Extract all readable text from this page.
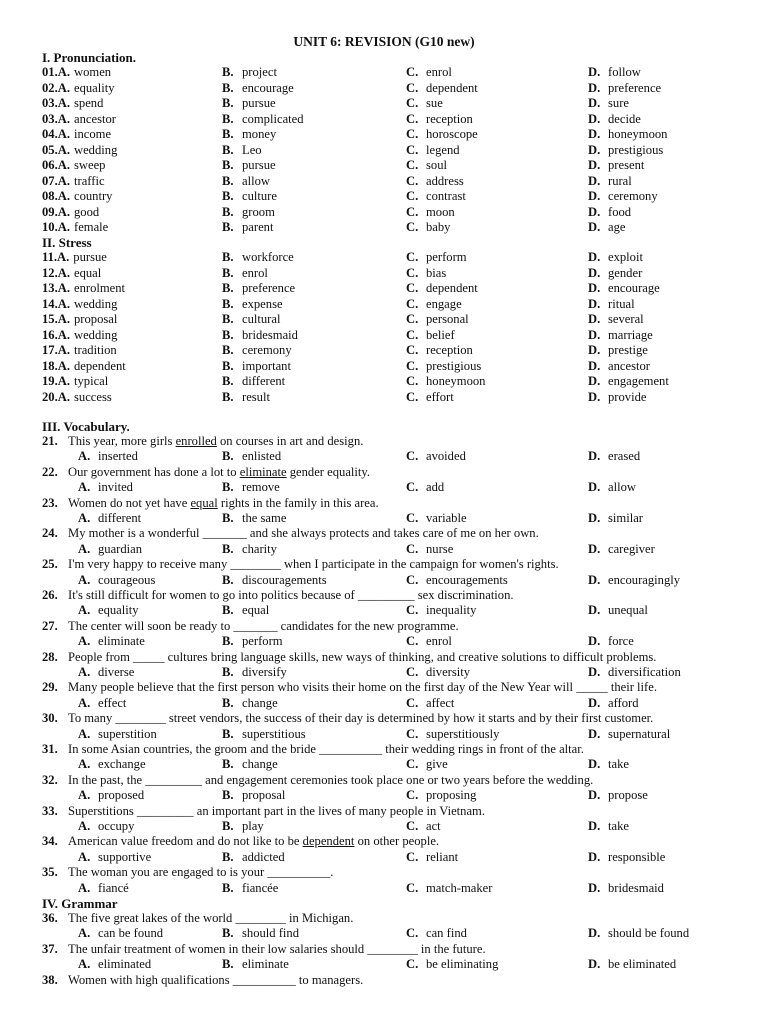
UNIT 6: REVISION (G10 new)
I. Pronunciation.
01.A. women	B. project	C. enrol	D. follow
02.A. equality	B. encourage	C. dependent	D. preference
03.A. spend	B. pursue	C. sue	D. sure
03.A. ancestor	B. complicated	C. reception	D. decide
04.A. income	B. money	C. horoscope	D. honeymoon
05.A. wedding	B. Leo	C. legend	D. prestigious
06.A. sweep	B. pursue	C. soul	D. present
07.A. traffic	B. allow	C. address	D. rural
08.A. country	B. culture	C. contrast	D. ceremony
09.A. good	B. groom	C. moon	D. food
10.A. female	B. parent	C. baby	D. age
II. Stress
11.A. pursue	B. workforce	C. perform	D. exploit
12.A. equal	B. enrol	C. bias	D. gender
13.A. enrolment	B. preference	C. dependent	D. encourage
14.A. wedding	B. expense	C. engage	D. ritual
15.A. proposal	B. cultural	C. personal	D. several
16.A. wedding	B. bridesmaid	C. belief	D. marriage
17.A. tradition	B. ceremony	C. reception	D. prestige
18.A. dependent	B. important	C. prestigious	D. ancestor
19.A. typical	B. different	C. honeymoon	D. engagement
20.A. success	B. result	C. effort	D. provide
III. Vocabulary.
21. This year, more girls enrolled on courses in art and design.
A. inserted	B. enlisted	C. avoided	D. erased
22. Our government has done a lot to eliminate gender equality.
A. invited	B. remove	C. add	D. allow
23. Women do not yet have equal rights in the family in this area.
A. different	B. the same	C. variable	D. similar
24. My mother is a wonderful _______ and she always protects and takes care of me on her own.
A. guardian	B. charity	C. nurse	D. caregiver
25. I'm very happy to receive many ________ when I participate in the campaign for women's rights.
A. courageous	B. discouragements	C. encouragements	D. encouragingly
26. It's still difficult for women to go into politics because of _________ sex discrimination.
A. equality	B. equal	C. inequality	D. unequal
27. The center will soon be ready to _______ candidates for the new programme.
A. eliminate	B. perform	C. enrol	D. force
28. People from _____ cultures bring language skills, new ways of thinking, and creative solutions to difficult problems.
A. diverse	B. diversify	C. diversity	D. diversification
29. Many people believe that the first person who visits their home on the first day of the New Year will _____ their life.
A. effect	B. change	C. affect	D. afford
30. To many ________ street vendors, the success of their day is determined by how it starts and by their first customer.
A. superstition	B. superstitious	C. superstitiously	D. supernatural
31. In some Asian countries, the groom and the bride __________ their wedding rings in front of the altar.
A. exchange	B. change	C. give	D. take
32. In the past, the _________ and engagement ceremonies took place one or two years before the wedding.
A. proposed	B. proposal	C. proposing	D. propose
33. Superstitions _________ an important part in the lives of many people in Vietnam.
A. occupy	B. play	C. act	D. take
34. American value freedom and do not like to be dependent on other people.
A. supportive	B. addicted	C. reliant	D. responsible
35. The woman you are engaged to is your __________.
A. fiancé	B. fiancée	C. match-maker	D. bridesmaid
IV. Grammar
36. The five great lakes of the world ________ in Michigan.
A. can be found	B. should find	C. can find	D. should be found
37. The unfair treatment of women in their low salaries should ________ in the future.
A. eliminated	B. eliminate	C. be eliminating	D. be eliminated
38. Women with high qualifications __________ to managers.
